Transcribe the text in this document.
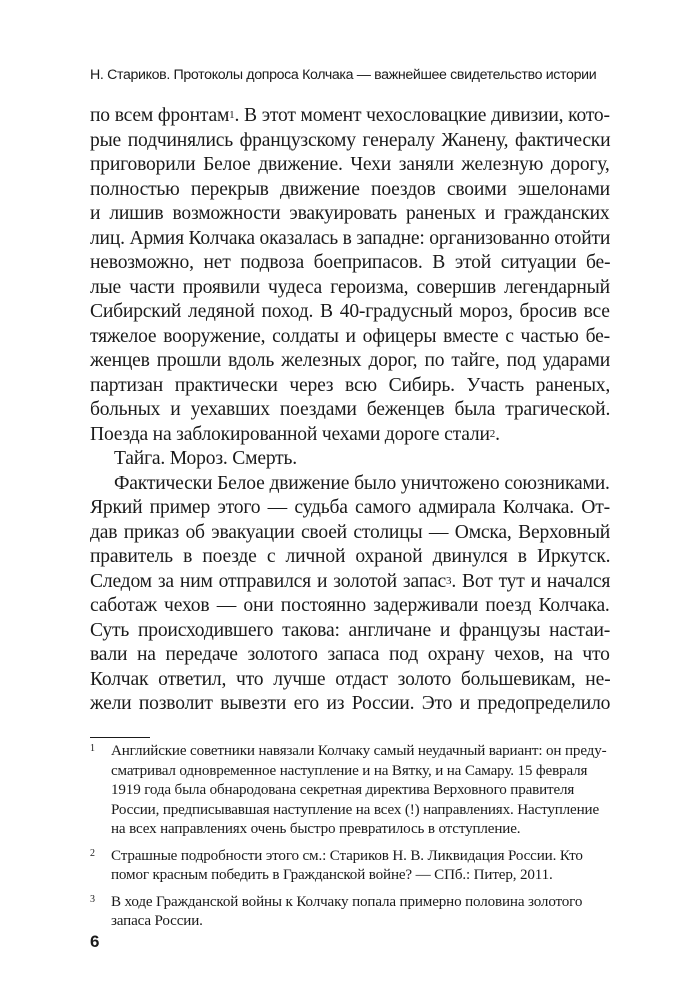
Н. Стариков. Протоколы допроса Колчака — важнейшее свидетельство истории
по всем фронтам$^1$. В этот момент чехословацкие дивизии, кото-
рые подчинялись французскому генералу Жанену, фактически
приговорили Белое движение. Чехи заняли железную дорогу,
полностью перекрыв движение поездов своими эшелонами
и лишив возможности эвакуировать раненых и гражданских
лиц. Армия Колчака оказалась в западне: организованно отойти
невозможно, нет подвоза боеприпасов. В этой ситуации бе-
лые части проявили чудеса героизма, совершив легендарный
Сибирский ледяной поход. В 40-градусный мороз, бросив все
тяжелое вооружение, солдаты и офицеры вместе с частью бе-
женцев прошли вдоль железных дорог, по тайге, под ударами
партизан практически через всю Сибирь. Участь раненых,
больных и уехавших поездами беженцев была трагической.
Поезда на заблокированной чехами дороге стали$^2$.
Тайга. Мороз. Смерть.
Фактически Белое движение было уничтожено союзниками.
Яркий пример этого — судьба самого адмирала Колчака. От-
дав приказ об эвакуации своей столицы — Омска, Верховный
правитель в поезде с личной охраной двинулся в Иркутск.
Следом за ним отправился и золотой запас$^3$. Вот тут и начался
саботаж чехов — они постоянно задерживали поезд Колчака.
Суть происходившего такова: англичане и французы настаи-
вали на передаче золотого запаса под охрану чехов, на что
Колчак ответил, что лучше отдаст золото большевикам, не-
жели позволит вывезти его из России. Это и предопределило
1 Английские советники навязали Колчаку самый неудачный вариант: он преду-
сматривал одновременное наступление и на Вятку, и на Самару. 15 февраля
1919 года была обнародована секретная директива Верховного правителя
России, предписывавшая наступление на всех (!) направлениях. Наступление
на всех направлениях очень быстро превратилось в отступление.
2 Страшные подробности этого см.: Стариков Н. В. Ликвидация России. Кто
помог красным победить в Гражданской войне? — СПб.: Питер, 2011.
3 В ходе Гражданской войны к Колчаку попала примерно половина золотого
запаса России.
6
